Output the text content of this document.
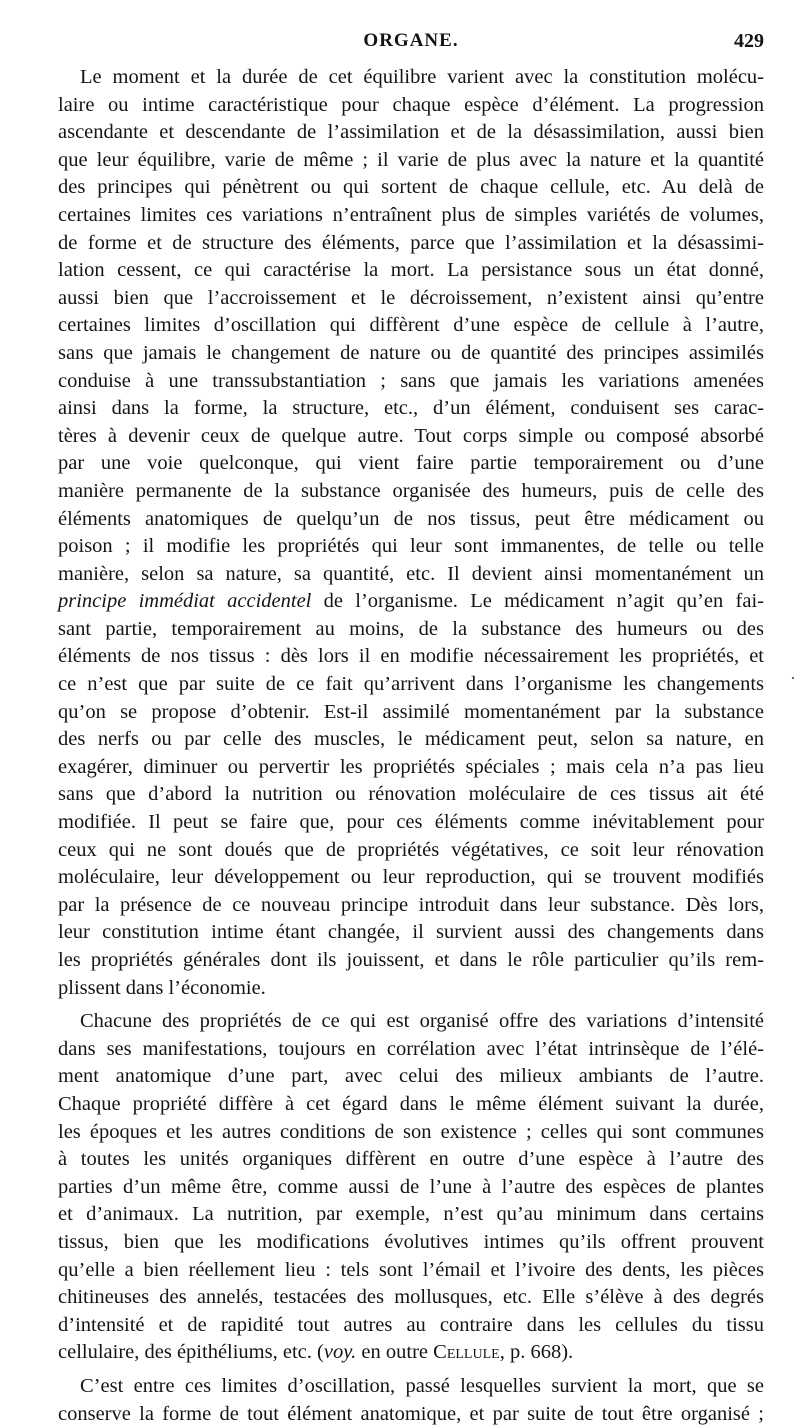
ORGANE.	429
Le moment et la durée de cet équilibre varient avec la constitution molécu-
laire ou intime caractéristique pour chaque espèce d’élément. La progression
ascendante et descendante de l’assimilation et de la désassimilation, aussi bien
que leur équilibre, varie de même ; il varie de plus avec la nature et la quantité
des principes qui pénètrent ou qui sortent de chaque cellule, etc. Au delà de
certaines limites ces variations n’entraînent plus de simples variétés de volumes,
de forme et de structure des éléments, parce que l’assimilation et la désassimi-
lation cessent, ce qui caractérise la mort. La persistance sous un état donné,
aussi bien que l’accroissement et le décroissement, n’existent ainsi qu’entre
certaines limites d’oscillation qui diffèrent d’une espèce de cellule à l’autre,
sans que jamais le changement de nature ou de quantité des principes assimilés
conduise à une transsubstantiation ; sans que jamais les variations amenées
ainsi dans la forme, la structure, etc., d’un élément, conduisent ses carac-
tères à devenir ceux de quelque autre. Tout corps simple ou composé absorbé
par une voie quelconque, qui vient faire partie temporairement ou d’une
manière permanente de la substance organisée des humeurs, puis de celle des
éléments anatomiques de quelqu’un de nos tissus, peut être médicament ou
poison ; il modifie les propriétés qui leur sont immanentes, de telle ou telle
manière, selon sa nature, sa quantité, etc. Il devient ainsi momentanément un
principe immédiat accidentel de l’organisme. Le médicament n’agit qu’en fai-
sant partie, temporairement au moins, de la substance des humeurs ou des
éléments de nos tissus : dès lors il en modifie nécessairement les propriétés, et
ce n’est que par suite de ce fait qu’arrivent dans l’organisme les changements
qu’on se propose d’obtenir. Est-il assimilé momentanément par la substance
des nerfs ou par celle des muscles, le médicament peut, selon sa nature, en
exagérer, diminuer ou pervertir les propriétés spéciales ; mais cela n’a pas lieu
sans que d’abord la nutrition ou rénovation moléculaire de ces tissus ait été
modifiée. Il peut se faire que, pour ces éléments comme inévitablement pour
ceux qui ne sont doués que de propriétés végétatives, ce soit leur rénovation
moléculaire, leur développement ou leur reproduction, qui se trouvent modifiés
par la présence de ce nouveau principe introduit dans leur substance. Dès lors,
leur constitution intime étant changée, il survient aussi des changements dans
les propriétés générales dont ils jouissent, et dans le rôle particulier qu’ils rem-
plissent dans l’économie.
Chacune des propriétés de ce qui est organisé offre des variations d’intensité
dans ses manifestations, toujours en corrélation avec l’état intrinsèque de l’élé-
ment anatomique d’une part, avec celui des milieux ambiants de l’autre.
Chaque propriété diffère à cet égard dans le même élément suivant la durée,
les époques et les autres conditions de son existence ; celles qui sont communes
à toutes les unités organiques diffèrent en outre d’une espèce à l’autre des
parties d’un même être, comme aussi de l’une à l’autre des espèces de plantes
et d’animaux. La nutrition, par exemple, n’est qu’au minimum dans certains
tissus, bien que les modifications évolutives intimes qu’ils offrent prouvent
qu’elle a bien réellement lieu : tels sont l’émail et l’ivoire des dents, les pièces
chitineuses des annelés, testacées des mollusques, etc. Elle s’élève à des degrés
d’intensité et de rapidité tout autres au contraire dans les cellules du tissu
cellulaire, des épithéliums, etc. (voy. en outre Cellule, p. 668).
C’est entre ces limites d’oscillation, passé lesquelles survient la mort, que se
conserve la forme de tout élément anatomique, et par suite de tout être organisé ;
·
